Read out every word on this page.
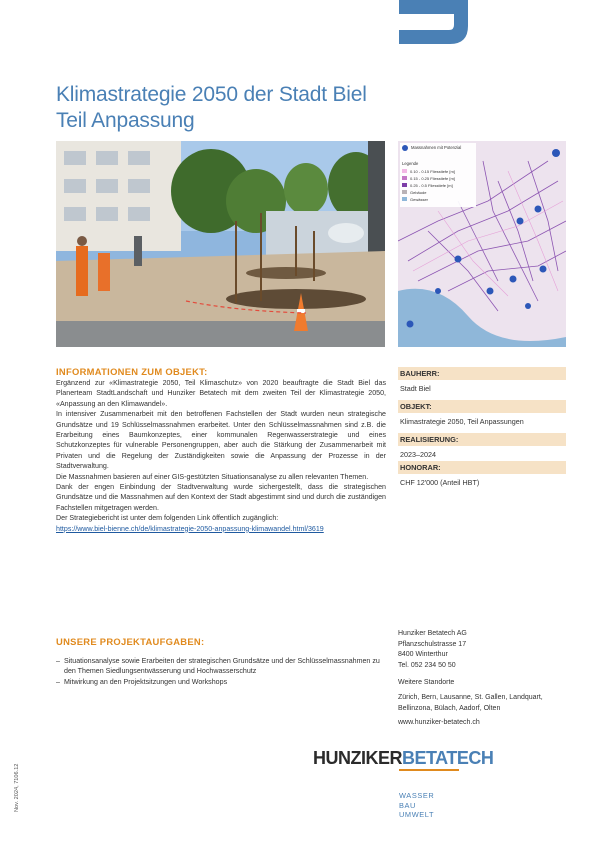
Klimastrategie 2050 der Stadt Biel
Teil Anpassung
Massnahmen mit Potenzial
Legende
0.10 - 0.15 Fliesstiefe [m]
0.15 - 0.25 Fliesstiefe [m]
0.25 - 0.5 Fliesstiefe [m]
Gebäude
Gewässer
INFORMATIONEN ZUM OBJEKT:

Ergänzend zur «Klimastrategie 2050, Teil Klimaschutz» von 2020 beauftragte die Stadt Biel das Planerteam StadtLandschaft und Hunziker Betatech mit dem zweiten Teil der Klimastrategie 2050, «Anpassung an den Klimawandel».

In intensiver Zusammenarbeit mit den betroffenen Fachstellen der Stadt wurden neun strategische Grundsätze und 19 Schlüsselmassnahmen erarbeitet. Unter den Schlüsselmassnahmen sind z.B. die Erarbeitung eines Baumkonzeptes, einer kommunalen Regenwasserstrategie und eines Schutzkonzeptes für vulnerable Personengruppen, aber auch die Stärkung der Zusammenarbeit mit Privaten und die Regelung der Zuständigkeiten sowie die Anpassung der Prozesse in der Stadtverwaltung.

Die Massnahmen basieren auf einer GIS-gestützten Situationsanalyse zu allen relevanten Themen.

Dank der engen Einbindung der Stadtverwaltung wurde sichergestellt, dass die strategischen Grundsätze und die Massnahmen auf den Kontext der Stadt abgestimmt sind und durch die zuständigen Fachstellen mitgetragen werden.

Der Strategiebericht ist unter dem folgenden Link öffentlich zugänglich:

https://www.biel-bienne.ch/de/klimastrategie-2050-anpassung-klimawandel.html/3619

BAUHERR:
Stadt Biel
OBJEKT:
Klimastrategie 2050, Teil Anpassungen
REALISIERUNG:
2023–2024
HONORAR:
CHF 12'000 (Anteil HBT)
UNSERE PROJEKTAUFGABEN:
– Situationsanalyse sowie Erarbeiten der strategischen Grundsätze und der Schlüsselmassnahmen zu den Themen Siedlungsentwässerung und Hochwasserschutz
– Mitwirkung an den Projektsitzungen und Workshops
Hunziker Betatech AG
Pflanzschulstrasse 17
8400 Winterthur
Tel. 052 234 50 50
Weitere Standorte
Zürich, Bern, Lausanne, St. Gallen, Landquart,
Bellinzona, Bülach, Aadorf, Olten
www.hunziker-betatech.ch
HUNZIKERBETATECH
WASSER
BAU
UMWELT
Nov. 2024, 7106.12
